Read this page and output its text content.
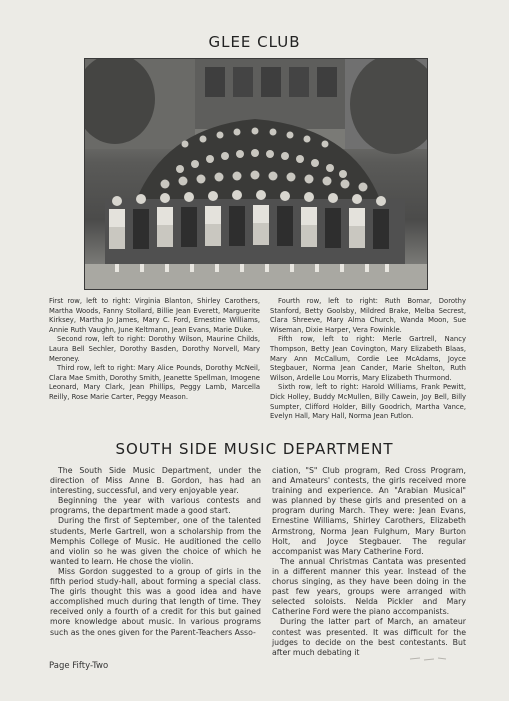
GLEE CLUB

First row, left to right: Virginia Blanton, Shirley Carothers, Martha Woods, Fanny Stollard, Billie Jean Everett, Marguerite Kirksey, Martha Jo James, Mary C. Ford, Ernestine Williams, Annie Ruth Vaughn, June Keltmann, Jean Evans, Marie Duke.

Second row, left to right: Dorothy Wilson, Maurine Childs, Laura Bell Sechler, Dorothy Basden, Dorothy Norvell, Mary Meroney.

Third row, left to right: Mary Alice Pounds, Dorothy McNeil, Clara Mae Smith, Dorothy Smith, Jeanette Spellman, Imogene Leonard, Mary Clark, Jean Phillips, Peggy Lamb, Marcella Reilly, Rose Marie Carter, Peggy Meason.

Fourth row, left to right: Ruth Bomar, Dorothy Stanford, Betty Goolsby, Mildred Brake, Melba Secrest, Clara Shreeve, Mary Alma Church, Wanda Moon, Sue Wiseman, Dixie Harper, Vera Fowinkle.

Fifth row, left to right: Merle Gartrell, Nancy Thompson, Betty Jean Covington, Mary Elizabeth Blaas, Mary Ann McCallum, Cordie Lee McAdams, Joyce Stegbauer, Norma Jean Cander, Marie Shelton, Ruth Wilson, Ardelle Lou Morris, Mary Elizabeth Thurmond.

Sixth row, left to right: Harold Williams, Frank Pewitt, Dick Holley, Buddy McMullen, Billy Cawein, Joy Bell, Billy Sumpter, Clifford Holder, Billy Goodrich, Martha Vance, Evelyn Hall, Mary Hall, Norma Jean Futlon.

SOUTH SIDE MUSIC DEPARTMENT

The South Side Music Department, under the direction of Miss Anne B. Gordon, has had an interesting, successful, and very enjoyable year.

Beginning the year with various contests and programs, the department made a good start.

During the first of September, one of the talented students, Merle Gartrell, won a scholarship from the Memphis College of Music. He auditioned the cello and violin so he was given the choice of which he wanted to learn. He chose the violin.

Miss Gordon suggested to a group of girls in the fifth period study-hall, about forming a special class. The girls thought this was a good idea and have accomplished much during that length of time. They received only a fourth of a credit for this but gained more knowledge about music. In various programs such as the ones given for the Parent-Teachers Asso-

ciation, "S" Club program, Red Cross Program, and Amateurs' contests, the girls received more training and experience. An "Arabian Musical" was planned by these girls and presented on a program during March. They were: Jean Evans, Ernestine Williams, Shirley Carothers, Elizabeth Armstrong, Norma Jean Fulghum, Mary Burton Holt, and Joyce Stegbauer. The regular accompanist was Mary Catherine Ford.

The annual Christmas Cantata was presented in a different manner this year. Instead of the chorus singing, as they have been doing in the past few years, groups were arranged with selected soloists. Nelda Pickler and Mary Catherine Ford were the piano accompanists.

During the latter part of March, an amateur contest was presented. It was difficult for the judges to decide on the best contestants. But after much debating it

Page Fifty-Two
